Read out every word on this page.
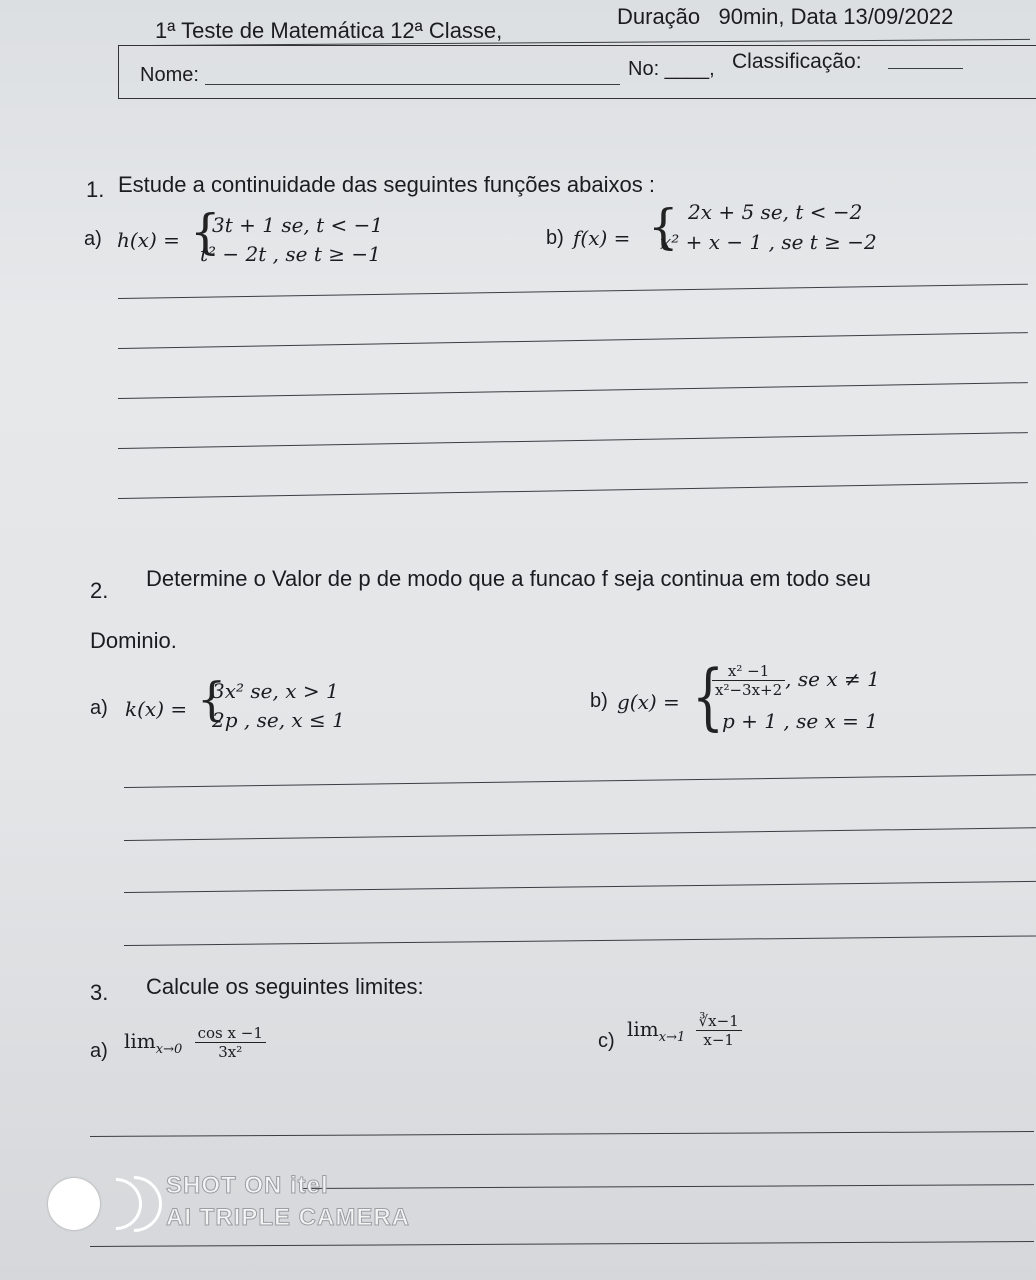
1ª Teste de Matemática 12ª Classe,
Duração   90min, Data 13/09/2022
Nome:	No: ____, Classificação:
1. Estude a continuidade das seguintes funções abaixos :
a) h(x) = {
3t + 1 se, t < −1
t² − 2t , se t ≥ −1
b) f(x) = { 2x + 5 se, t < −2
x² + x − 1 , se t ≥ −2
2. Determine o Valor de p de modo que a funcao f seja continua em todo seu
Dominio.
a) k(x) = {
3x² se, x > 1
2p , se, x ≤ 1
b) g(x) = {
$\frac{\text{x² −1}}{\text{x²−3x+2}}$ , se x ≠ 1
p + 1 , se x = 1
3. Calcule os seguintes limites:
a) $\lim_{x\to 0} \frac{\text{cos x −1}}{\text{3x²}}$	c) $\lim_{x\to 1} \frac{∛x-1}{x-1}$
SHOT ON itel
AI TRIPLE CAMERA
